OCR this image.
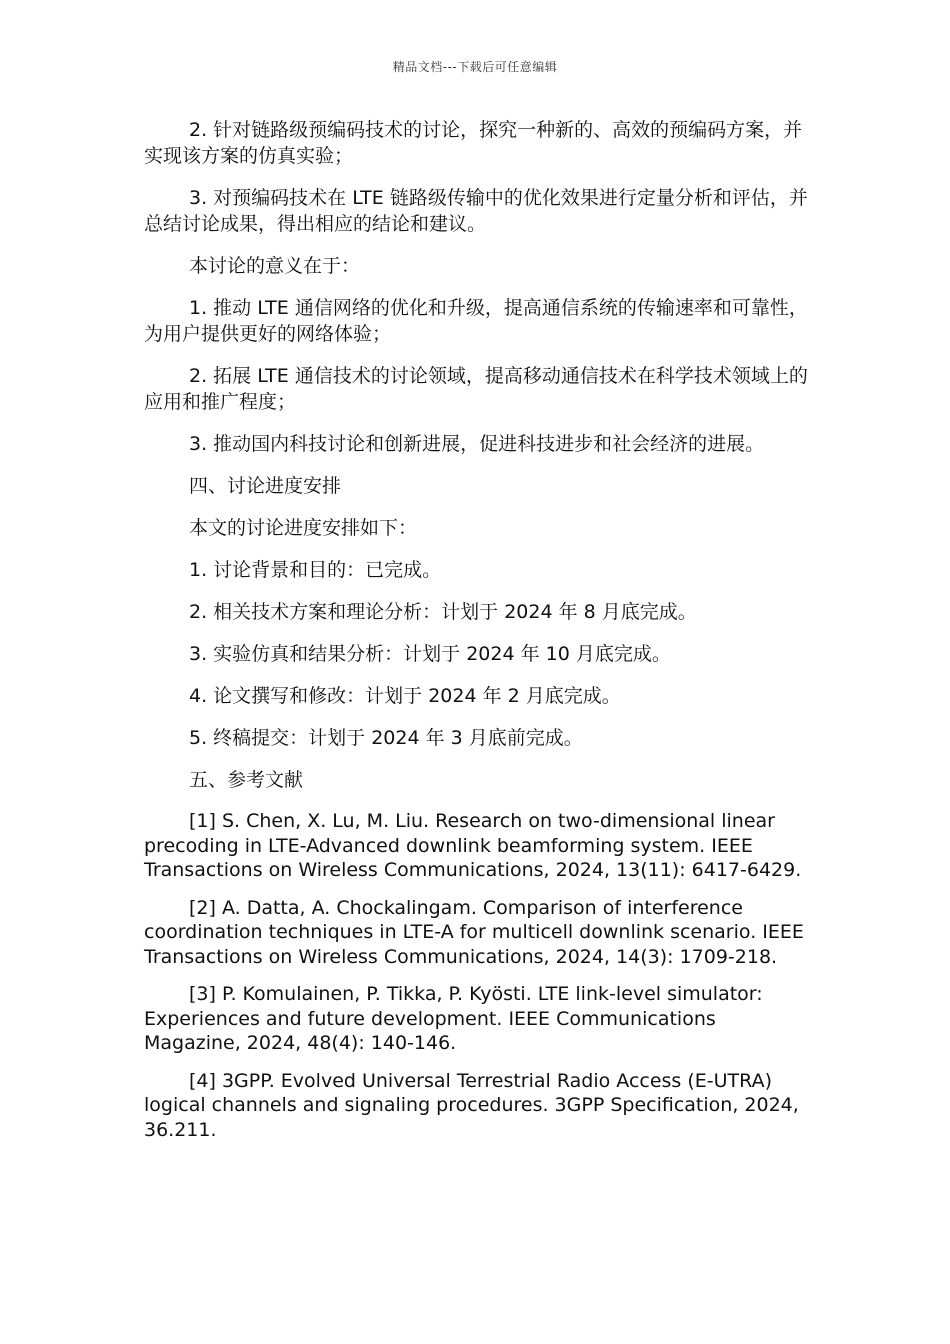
精品文档---下载后可任意编辑

2. 针对链路级预编码技术的讨论，探究一种新的、高效的预编码方案，并实现该方案的仿真实验；

3. 对预编码技术在 LTE 链路级传输中的优化效果进行定量分析和评估，并总结讨论成果，得出相应的结论和建议。

本讨论的意义在于：

1. 推动 LTE 通信网络的优化和升级，提高通信系统的传输速率和可靠性，为用户提供更好的网络体验；

2. 拓展 LTE 通信技术的讨论领域，提高移动通信技术在科学技术领域上的应用和推广程度；

3. 推动国内科技讨论和创新进展，促进科技进步和社会经济的进展。

四、讨论进度安排

本文的讨论进度安排如下：

1. 讨论背景和目的：已完成。

2. 相关技术方案和理论分析：计划于 2024 年 8 月底完成。

3. 实验仿真和结果分析：计划于 2024 年 10 月底完成。

4. 论文撰写和修改：计划于 2024 年 2 月底完成。

5. 终稿提交：计划于 2024 年 3 月底前完成。

五、参考文献

[1] S. Chen, X. Lu, M. Liu. Research on two-dimensional linear precoding in LTE-Advanced downlink beamforming system. IEEE Transactions on Wireless Communications, 2024, 13(11): 6417-6429.

[2] A. Datta, A. Chockalingam. Comparison of interference coordination techniques in LTE-A for multicell downlink scenario. IEEE Transactions on Wireless Communications, 2024, 14(3): 1709-218.

[3] P. Komulainen, P. Tikka, P. Kyösti. LTE link-level simulator: Experiences and future development. IEEE Communications Magazine, 2024, 48(4): 140-146.

[4] 3GPP. Evolved Universal Terrestrial Radio Access (E-UTRA) logical channels and signaling procedures. 3GPP Specification, 2024, 36.211.
